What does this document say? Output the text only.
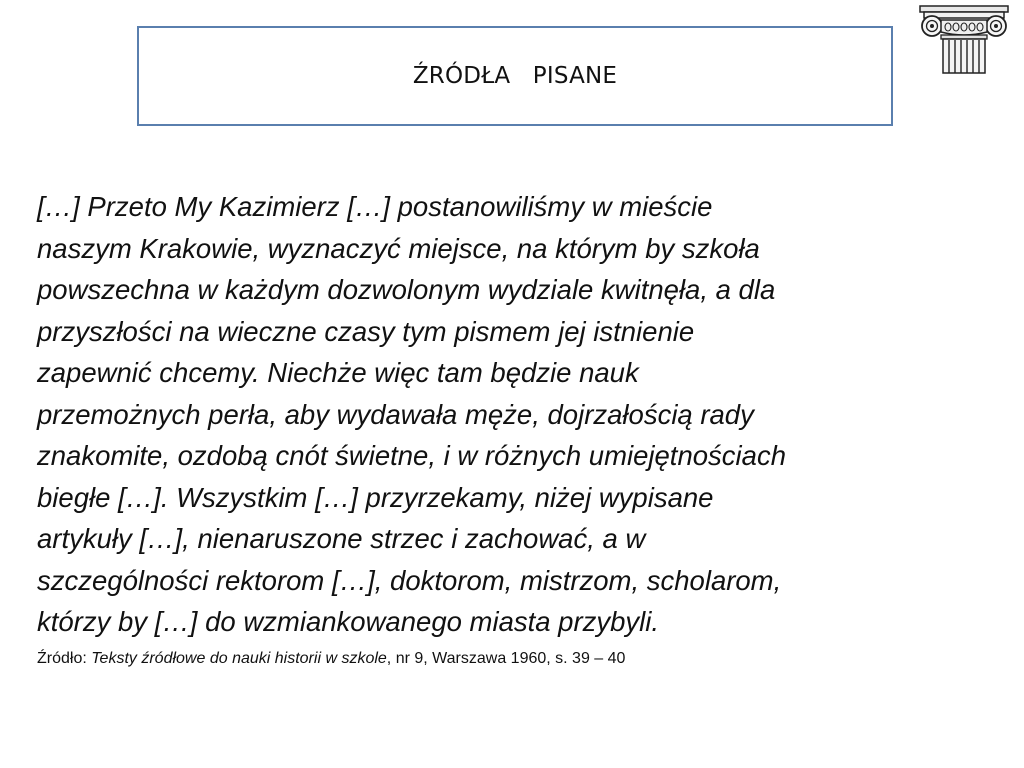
ŹRÓDŁA   PISANE
[…] Przeto My Kazimierz […] postanowiliśmy w mieście
naszym Krakowie, wyznaczyć miejsce, na którym by szkoła
powszechna w każdym dozwolonym wydziale kwitnęła, a dla
przyszłości na wieczne czasy tym pismem jej istnienie
zapewnić chcemy. Niechże więc tam będzie nauk
przemożnych perła, aby wydawała męże, dojrzałością rady
znakomite, ozdobą cnót świetne, i w różnych umiejętnościach
biegłe […]. Wszystkim […] przyrzekamy, niżej wypisane
artykuły […], nienaruszone strzec i zachować, a w
szczególności rektorom […], doktorom, mistrzom, scholarom,
którzy by […] do wzmiankowanego miasta przybyli.
Źródło: Teksty źródłowe do nauki historii w szkole, nr 9, Warszawa 1960, s. 39 – 40
